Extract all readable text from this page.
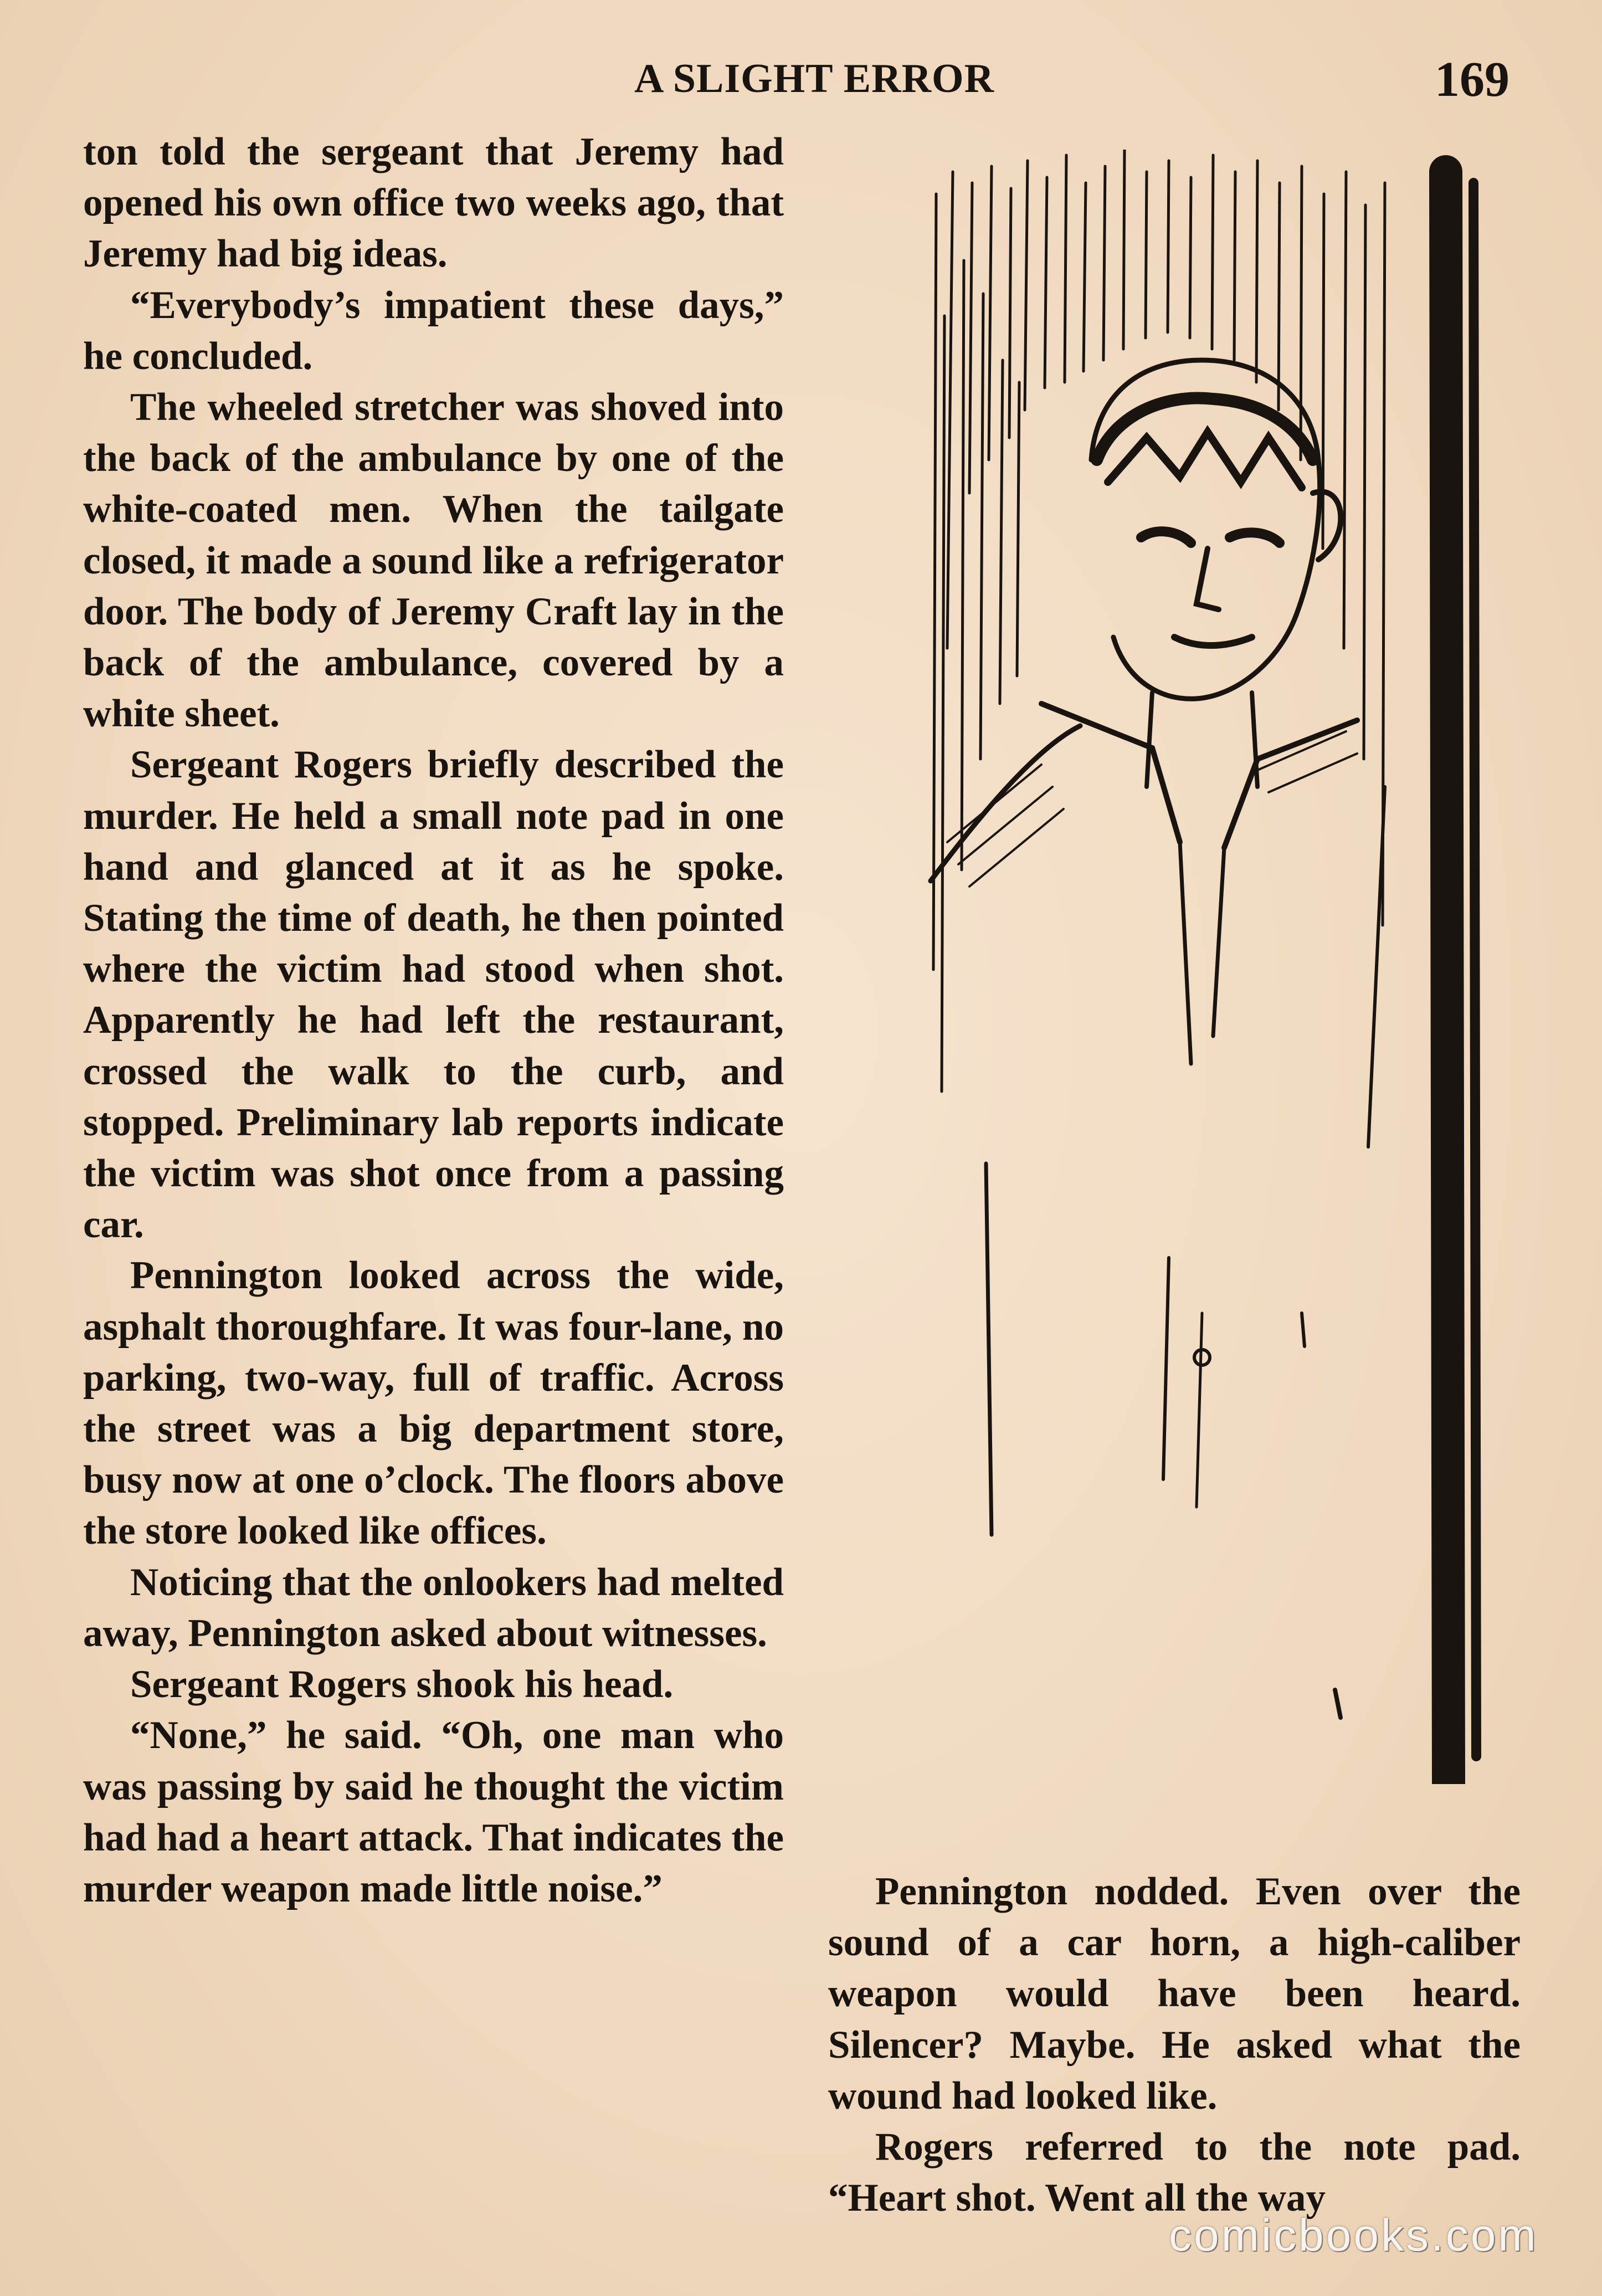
A SLIGHT ERROR	169

ton told the sergeant that Jeremy had opened his own office two weeks ago, that Jeremy had big ideas.

“Everybody’s impatient these days,” he concluded.

The wheeled stretcher was shoved into the back of the ambulance by one of the white-coated men. When the tailgate closed, it made a sound like a refrigerator door. The body of Jeremy Craft lay in the back of the ambulance, covered by a white sheet.

Sergeant Rogers briefly described the murder. He held a small note pad in one hand and glanced at it as he spoke. Stating the time of death, he then pointed where the victim had stood when shot. Apparently he had left the restaurant, crossed the walk to the curb, and stopped. Preliminary lab reports indicate the victim was shot once from a passing car.

Pennington looked across the wide, asphalt thoroughfare. It was four-lane, no parking, two-way, full of traffic. Across the street was a big department store, busy now at one o’clock. The floors above the store looked like offices.

Noticing that the onlookers had melted away, Pennington asked about witnesses.

Sergeant Rogers shook his head.

“None,” he said. “Oh, one man who was passing by said he thought the victim had had a heart attack. That indicates the murder weapon made little noise.”	Pennington nodded. Even over the sound of a car horn, a high-caliber weapon would have been heard. Silencer? Maybe. He asked what the wound had looked like.

Rogers referred to the note pad. “Heart shot. Went all the way

comicbooks.com
